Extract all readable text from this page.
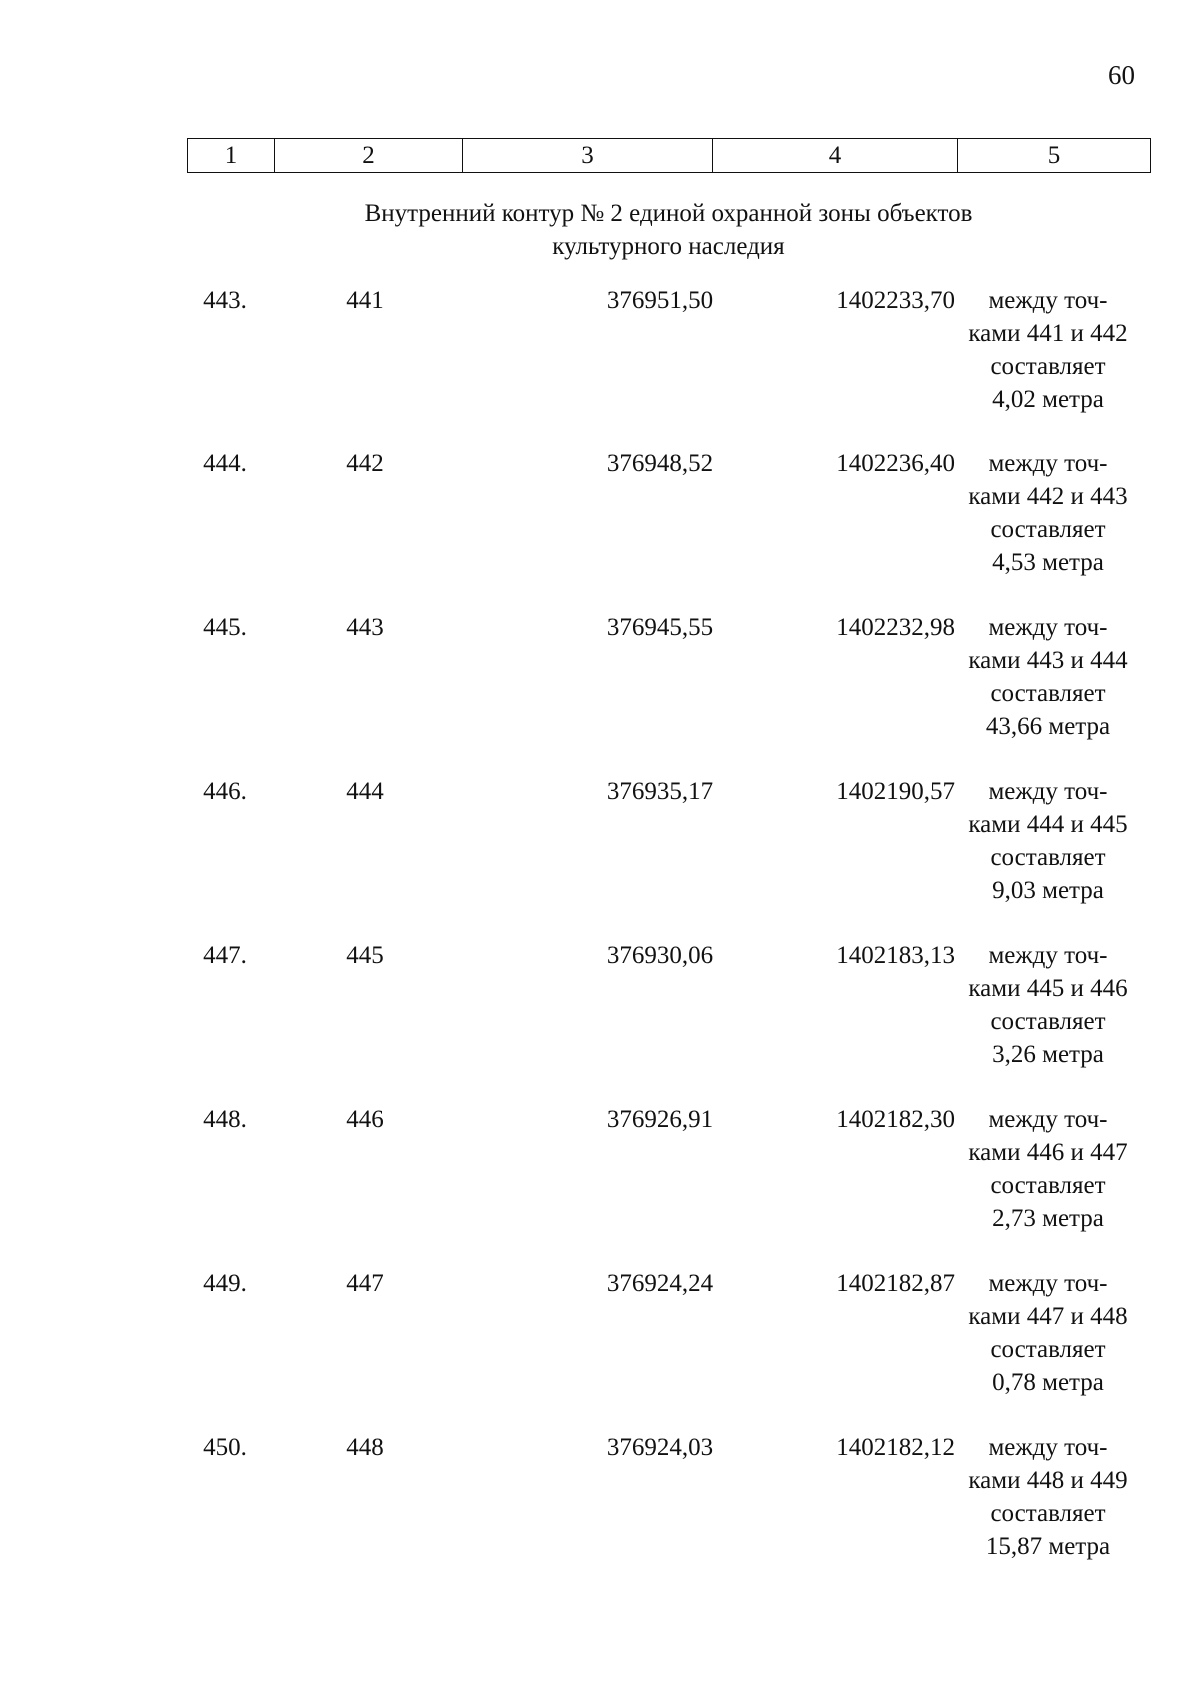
60
1	2	3	4	5
Внутренний контур № 2 единой охранной зоны объектов
культурного наследия
443.	441	376951,50	1402233,70	между точ-
ками 441 и 442
составляет
4,02 метра
444.	442	376948,52	1402236,40	между точ-
ками 442 и 443
составляет
4,53 метра
445.	443	376945,55	1402232,98	между точ-
ками 443 и 444
составляет
43,66 метра
446.	444	376935,17	1402190,57	между точ-
ками 444 и 445
составляет
9,03 метра
447.	445	376930,06	1402183,13	между точ-
ками 445 и 446
составляет
3,26 метра
448.	446	376926,91	1402182,30	между точ-
ками 446 и 447
составляет
2,73 метра
449.	447	376924,24	1402182,87	между точ-
ками 447 и 448
составляет
0,78 метра
450.	448	376924,03	1402182,12	между точ-
ками 448 и 449
составляет
15,87 метра
